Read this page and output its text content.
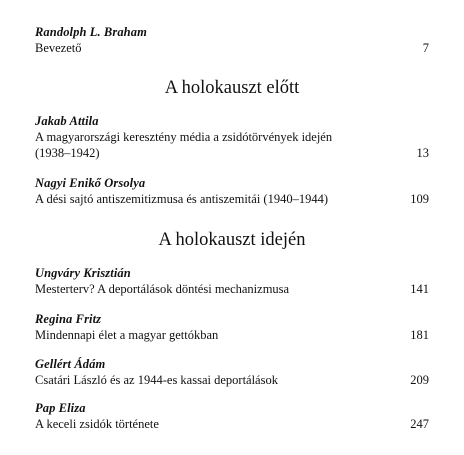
Randolph L. Braham
Bevezető	7
A holokauszt előtt
Jakab Attila
A magyarországi keresztény média a zsidótörvények idején
(1938–1942)	13
Nagyi Enikő Orsolya
A dési sajtó antiszemitizmusa és antiszemitái (1940–1944)	109
A holokauszt idején
Ungváry Krisztián
Mesterterv? A deportálások döntési mechanizmusa	141
Regina Fritz
Mindennapi élet a magyar gettókban	181
Gellért Ádám
Csatári László és az 1944-es kassai deportálások	209
Pap Eliza
A keceli zsidók története	247
